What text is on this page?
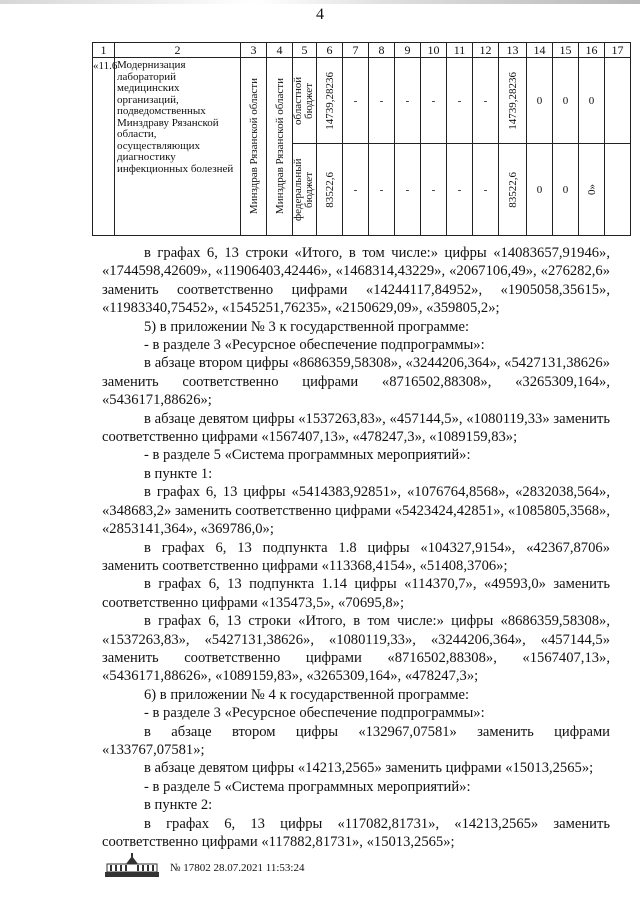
4
1	2	3	4	5	6	7	8	9	10	11	12	13	14	15	16	17
«11.6	Модернизация лабораторий медицинских организаций, подведомственных Минздраву Рязанской области, осуществляющих диагностику инфекционных болезней	Минздрав Рязанской области	Минздрав Рязанской области	областной бюджет	14739,28236	-	-	-	-	-	-	14739,28236	0	0	0	

				федеральный бюджет	83522,6	-	-	-	-	-	-	83522,6	0	0	0»	

в графах 6, 13 строки «Итого, в том числе:» цифры «14083657,91946», «1744598,42609», «11906403,42446», «1468314,43229», «2067106,49», «276282,6» заменить соответственно цифрами «14244117,84952», «1905058,35615», «11983340,75452», «1545251,76235», «2150629,09», «359805,2»;

5) в приложении № 3 к государственной программе:

- в разделе 3 «Ресурсное обеспечение подпрограммы»:

в абзаце втором цифры «8686359,58308», «3244206,364», «5427131,38626» заменить соответственно цифрами «8716502,88308», «3265309,164», «5436171,88626»;

в абзаце девятом цифры «1537263,83», «457144,5», «1080119,33» заменить соответственно цифрами «1567407,13», «478247,3», «1089159,83»;

- в разделе 5 «Система программных мероприятий»:

в пункте 1:

в графах 6, 13 цифры «5414383,92851», «1076764,8568», «2832038,564», «348683,2» заменить соответственно цифрами «5423424,42851», «1085805,3568», «2853141,364», «369786,0»;

в графах 6, 13 подпункта 1.8 цифры «104327,9154», «42367,8706» заменить соответственно цифрами «113368,4154», «51408,3706»;

в графах 6, 13 подпункта 1.14 цифры «114370,7», «49593,0» заменить соответственно цифрами «135473,5», «70695,8»;

в графах 6, 13 строки «Итого, в том числе:» цифры «8686359,58308», «1537263,83», «5427131,38626», «1080119,33», «3244206,364», «457144,5» заменить соответственно цифрами «8716502,88308», «1567407,13», «5436171,88626», «1089159,83», «3265309,164», «478247,3»;

6) в приложении № 4 к государственной программе:

- в разделе 3 «Ресурсное обеспечение подпрограммы»:

в абзаце втором цифры «132967,07581» заменить цифрами «133767,07581»;

в абзаце девятом цифры «14213,2565» заменить цифрами «15013,2565»;

- в разделе 5 «Система программных мероприятий»:

в пункте 2:

в графах 6, 13 цифры «117082,81731», «14213,2565» заменить соответственно цифрами «117882,81731», «15013,2565»;

№ 17802 28.07.2021 11:53:24
